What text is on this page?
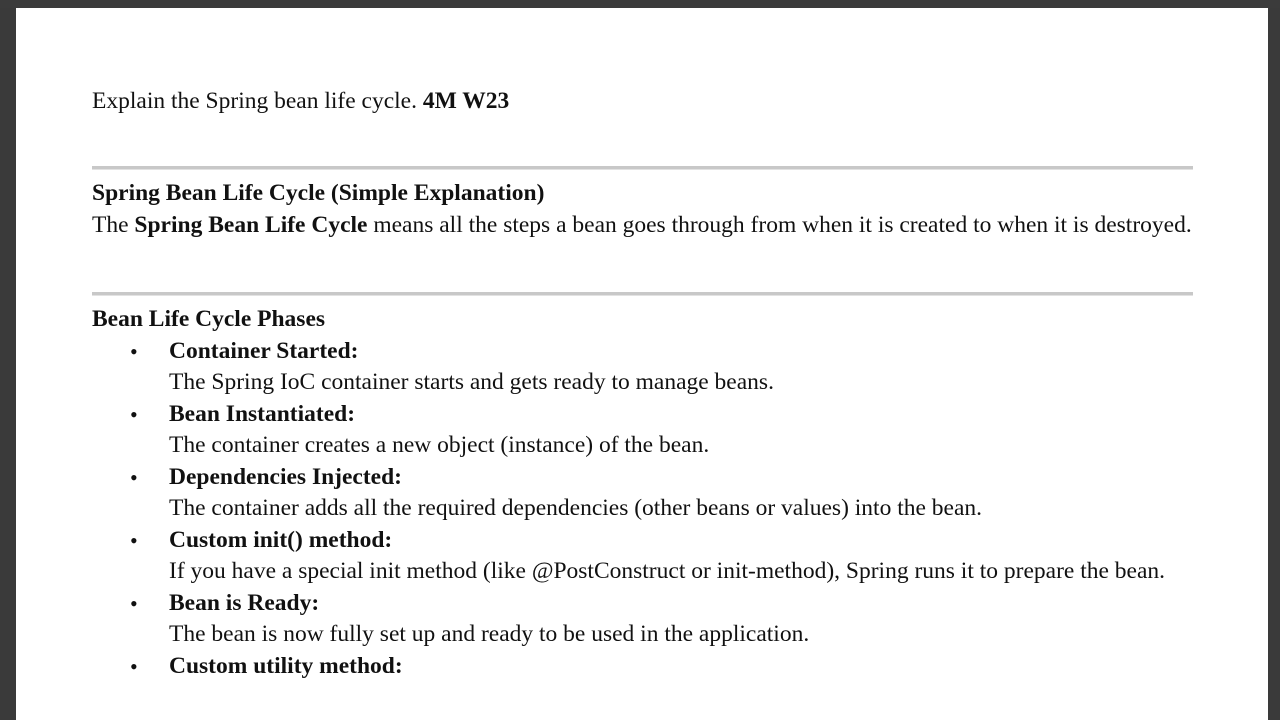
Explain the Spring bean life cycle. 4M W23
Spring Bean Life Cycle (Simple Explanation)
The Spring Bean Life Cycle means all the steps a bean goes through from when it is created to when it is destroyed.
Bean Life Cycle Phases
• Container Started:
The Spring IoC container starts and gets ready to manage beans.
• Bean Instantiated:
The container creates a new object (instance) of the bean.
• Dependencies Injected:
The container adds all the required dependencies (other beans or values) into the bean.
• Custom init() method:
If you have a special init method (like @PostConstruct or init-method), Spring runs it to prepare the bean.
• Bean is Ready:
The bean is now fully set up and ready to be used in the application.
• Custom utility method:
